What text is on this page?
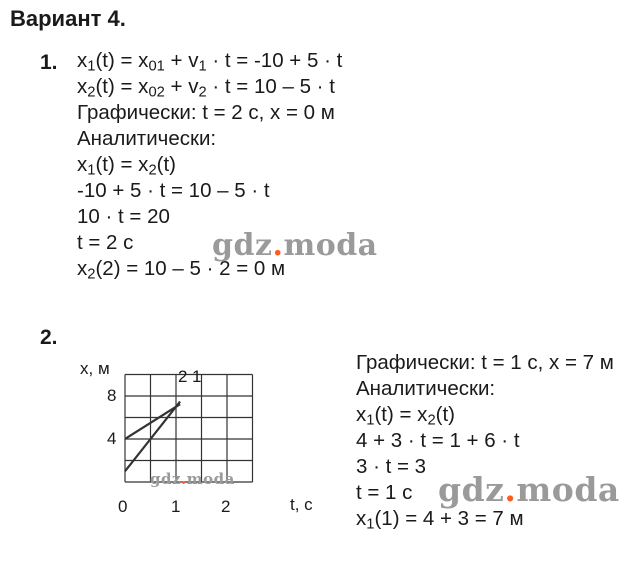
Вариант 4.
1. $x_1(t) = x_{01} + v_1 \cdot t = -10 + 5 \cdot t$
$x_2(t) = x_{02} + v_2 \cdot t = 10 - 5 \cdot t$
Графически: t = 2 с, x = 0 м
Аналитически:
$x_1(t) = x_2(t)$
-10 + 5 · t = 10 – 5 · t
10 · t = 20
t = 2 с
$x_2(2) = 10 - 5 \cdot 2 = 0$ м
2.
x, м
t, с
8
4
0	1 2
2 1
Графически: t = 1 с, x = 7 м
Аналитически:
$x_1(t) = x_2(t)$
4 + 3 · t = 1 + 6 · t
3 · t = 3
t = 1 с
$x_1(1) = 4 + 3 = 7$ м
gdz.moda
gdz.moda
gdz.moda
